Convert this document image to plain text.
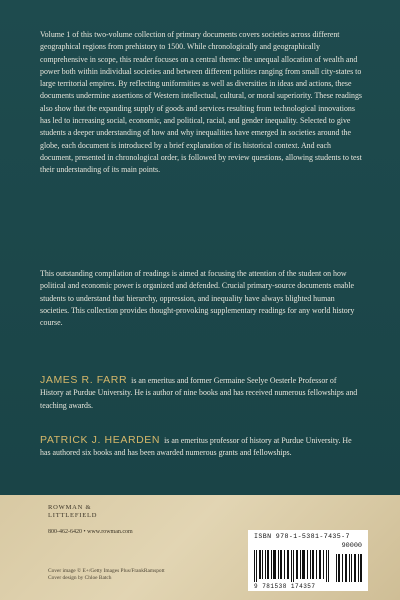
Volume 1 of this two-volume collection of primary documents covers societies across different geographical regions from prehistory to 1500. While chronologically and geographically comprehensive in scope, this reader focuses on a central theme: the unequal allocation of wealth and power both within individual societies and between different polities ranging from small city-states to large territorial empires. By reflecting uniformities as well as diversities in ideas and actions, these documents undermine assertions of Western intellectual, cultural, or moral superiority. These readings also show that the expanding supply of goods and services resulting from technological innovations has led to increasing social, economic, and political, racial, and gender inequality. Selected to give students a deeper understanding of how and why inequalities have emerged in societies around the globe, each document is introduced by a brief explanation of its historical context. And each document, presented in chronological order, is followed by review questions, allowing students to test their understanding of its main points.

This outstanding compilation of readings is aimed at focusing the attention of the student on how political and economic power is organized and defended. Crucial primary-source documents enable students to understand that hierarchy, oppression, and inequality have always blighted human societies. This collection provides thought-provoking supplementary readings for any world history course.

JAMES R. FARR is an emeritus and former Germaine Seelye Oesterle Professor of History at Purdue University. He is author of nine books and has received numerous fellowships and teaching awards.

PATRICK J. HEARDEN is an emeritus professor of history at Purdue University. He has authored six books and has been awarded numerous grants and fellowships.

ROWMAN &
LITTLEFIELD
800-462-6420 • www.rowman.com
Cover image © E+/Getty Images Plus/FrankRamspott
Cover design by Chloe Batch
ISBN 978-1-5381-7435-7
90000
9 781538 174357
